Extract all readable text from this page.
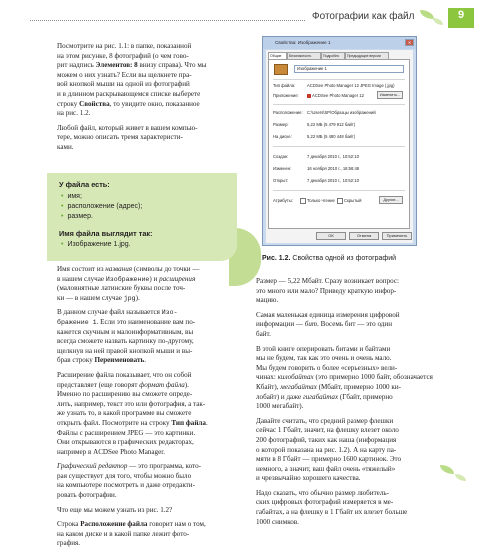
Фотографии как файл	9

Посмотрите на рис. 1.1: в папке, показанной
на этом рисунке, 8 фотографий (о чем гово-
рит надпись Элементов: 8 внизу справа). Что мы
можем о них узнать? Если вы щелкнете пра-
вой кнопкой мыши на одной из фотографий
и в длинном раскрывающемся списке выберете
строку Свойства, то увидите окно, показанное
на рис. 1.2.

Любой файл, который живет в вашем компью-
тере, можно описать тремя характеристи-
ками.

У файла есть:
• имя;
• расположение (адрес);
• размер.
Имя файла выглядит так:
• Изображение 1.jpg.

Имя состоит из названия (символы до точки —
в нашем случае Изображение) и расширения
(маловнятные латинские буквы после точ-
ки — в нашем случае jpg).

В данном случае файл называется Изо-
бражение 1. Если это наименование вам по-
кажется скучным и малоинформативным, вы
всегда сможете назвать картинку по-другому,
щелкнув на ней правой кнопкой мыши и вы-
брав строку Переименовать.

Расширение файла показывает, что он собой
представляет (еще говорят формат файла).
Именно по расширению вы сможете опреде-
лить, например, текст это или фотография, а так-
же узнать то, в какой программе вы сможете
открыть файл. Посмотрите на строку Тип файла.
Файлы с расширением JPEG — это картинки.
Они открываются в графических редакторах,
например в ACDSee Photo Manager.

Графический редактор — это программа, кото-
рая существует для того, чтобы можно было
на компьютере посмотреть и даже отредакти-
ровать фотографии.

Что еще мы можем узнать из рис. 1.2?

Строка Расположение файла говорит нам о том,
на каком диске и в какой папке лежит фото-
графия.

Свойства: Изображение 1	✕
Общие	Безопасность	Подробно	Предыдущие версии
Изображение 1
Тип файла:	ACDSee Photo Manager 12 JPEG Image (.jpg)
Приложение:	ACDSee Photo Manager 12	Изменить...
Расположение: C:\Users\SP\Образцы изображений
Размер:	5,22 МБ (5 479 912 байт)
На диске:	5,22 МБ (5 480 448 байт)
Создан:	7 декабря 2010 г., 10:52:10
Изменен:	16 ноября 2010 г., 16:56:48
Открыт:	7 декабря 2010 г., 10:52:10
Атрибуты:	Только чтение Скрытый	Другие...
ОК	Отмена	Применить
Рис. 1.2. Свойства одной из фотографий

Размер — 5,22 Мбайт. Сразу возникает вопрос:
это много или мало? Приведу краткую инфор-
мацию.

Самая маленькая единица измерения цифровой
информации — бит. Восемь бит — это один
байт.

В этой книге оперировать битами и байтами
мы не будем, так как это очень и очень мало.
Мы будем говорить о более «серьезных» вели-
чинах: килобайтах (это примерно 1000 байт, обозначается
Кбайт), мегабайтах (Мбайт, примерно 1000 ки-
лобайт) и даже гигабайтах (Гбайт, примерно
1000 мегабайт).

Давайте считать, что средний размер флешки
сейчас 1 Гбайт, значит, на флешку влезет около
200 фотографий, таких как наша (информация
о которой показана на рис. 1.2). А на карту па-
мяти в 8 Гбайт — примерно 1600 картинок. Это
немного, а значит, ваш файл очень «тяжелый»
и чрезвычайно хорошего качества.

Надо сказать, что обычно размер любитель-
ских цифровых фотографий измеряется в ме-
габайтах, а на флешку в 1 Гбайт их влезет больше
1000 снимков.
